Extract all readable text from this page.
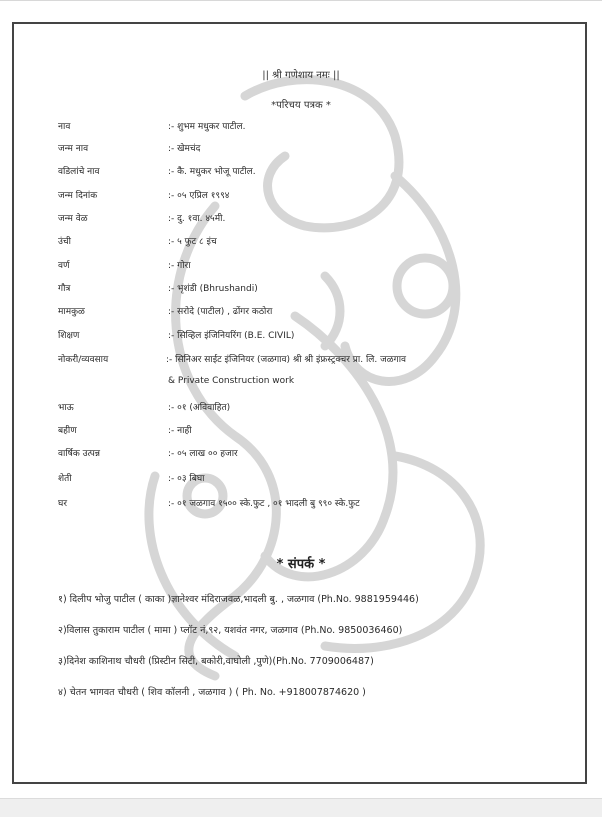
|| श्री गणेशाय नमः ||
*परिचय पत्रक *
नाव	:- शुभम मधुकर पाटील.
जन्म नाव	:- खेमचंद
वडिलांचे नाव	:- कै. मधुकर भोजू पाटील.
जन्म दिनांक	:- ०५ एप्रिल १९९४
जन्म वेळ	:- दु. १वा. ४५मी.
उंची	:- ५ फुट ८ इंच
वर्ण	:- गोरा
गौत्र	:- भृशंडी (Bhrushandi)
मामकुळ	:- सरोदे (पाटील) , ढोंगर कठोरा
शिक्षण	:- सिव्हिल इंजिनियरिंग (B.E. CIVIL)
नोकरी/व्यवसाय	:- सिनिअर साईट इंजिनियर (जळगाव) श्री श्री इंफ्रस्ट्रक्चर प्रा. लि. जळगाव
& Private Construction work
भाऊ	:- ०१ (अविवाहित)
बहीण	:- नाही
वार्षिक उत्पन्न	:- ०५ लाख ०० हजार
शेती	:- ०३ बिघा
घर	:- ०१ जळगाव १५०० स्के.फुट , ०१ भादली बु ९९० स्के.फुट
* संपर्क *
१) दिलीप भोजु पाटील ( काका )ज्ञानेश्वर मंदिराजवळ,भादली बु. , जळगाव (Ph.No. 9881959446)
२)विलास तुकाराम पाटील ( मामा ) प्लॉट नं,९२, यशवंत नगर, जळगाव (Ph.No. 9850036460)
३)दिनेश काशिनाथ चौधरी (प्रिस्टीन सिटी, बकोरी,वाघोली ,पुणे)(Ph.No. 7709006487)
४) चेतन भागवत चौधरी ( शिव कॉलनी , जळगाव ) ( Ph. No. +918007874620 )
